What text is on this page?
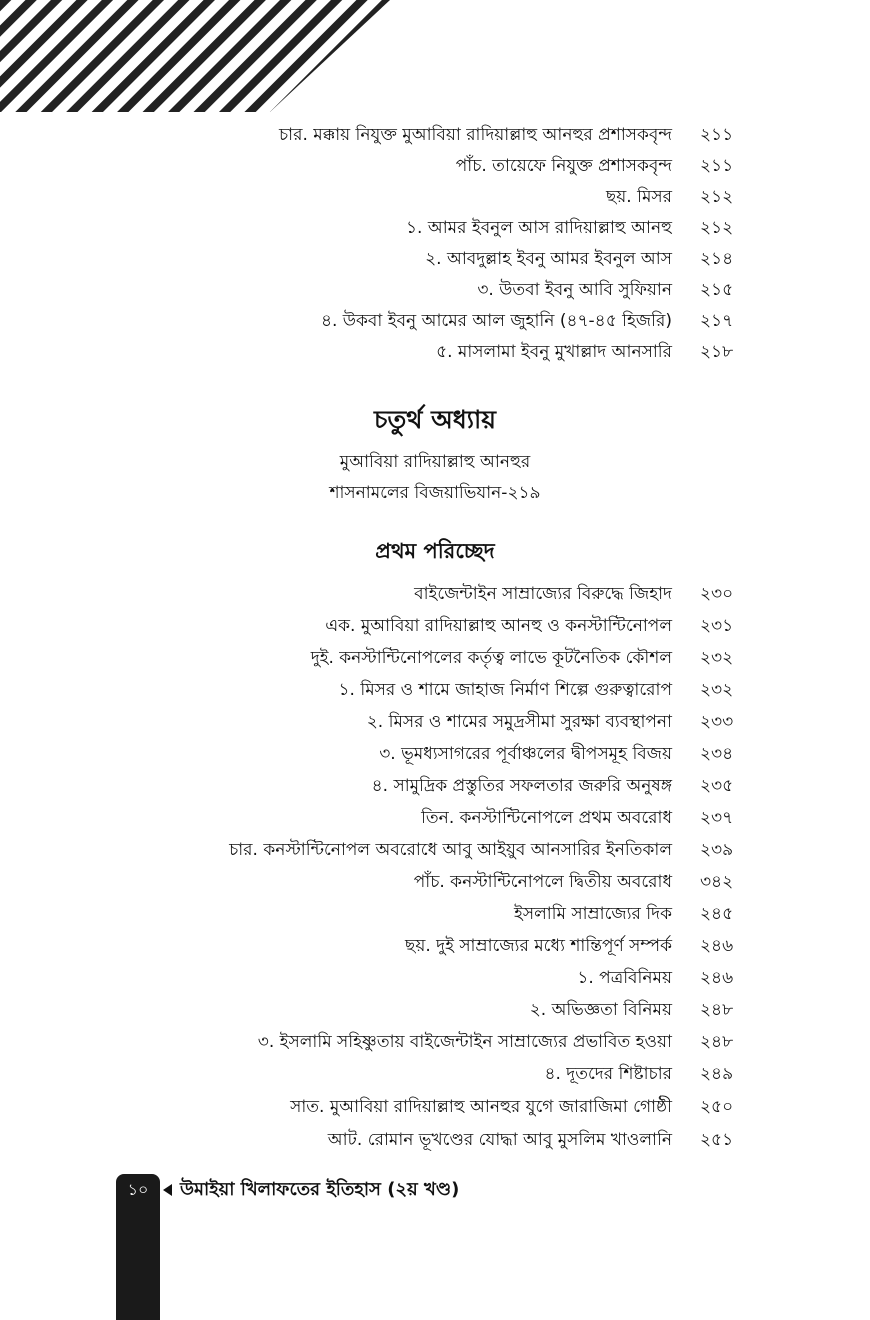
চার. মক্কায় নিযুক্ত মুআবিয়া রাদিয়াল্লাহু আনহুর প্রশাসকবৃন্দ	২১১
পাঁচ. তায়েফে নিযুক্ত প্রশাসকবৃন্দ	২১১
ছয়. মিসর	২১২
১. আমর ইবনুল আস রাদিয়াল্লাহু আনহু	২১২
২. আবদুল্লাহ ইবনু আমর ইবনুল আস	২১৪
৩. উতবা ইবনু আবি সুফিয়ান	২১৫
৪. উকবা ইবনু আমের আল জুহানি (৪৭-৪৫ হিজরি)	২১৭
৫. মাসলামা ইবনু মুখাল্লাদ আনসারি	২১৮
চতুর্থ অধ্যায়
মুআবিয়া রাদিয়াল্লাহু আনহুর
শাসনামলের বিজয়াভিযান-২১৯
প্রথম পরিচ্ছেদ
বাইজেন্টাইন সাম্রাজ্যের বিরুদ্ধে জিহাদ	২৩০
এক. মুআবিয়া রাদিয়াল্লাহু আনহু ও কনস্টান্টিনোপল	২৩১
দুই. কনস্টান্টিনোপলের কর্তৃত্ব লাভে কূটনৈতিক কৌশল	২৩২
১. মিসর ও শামে জাহাজ নির্মাণ শিল্পে গুরুত্বারোপ	২৩২
২. মিসর ও শামের সমুদ্রসীমা সুরক্ষা ব্যবস্থাপনা	২৩৩
৩. ভূমধ্যসাগরের পূর্বাঞ্চলের দ্বীপসমূহ বিজয়	২৩৪
৪. সামুদ্রিক প্রস্তুতির সফলতার জরুরি অনুষঙ্গ	২৩৫
তিন. কনস্টান্টিনোপলে প্রথম অবরোধ	২৩৭
চার. কনস্টান্টিনোপল অবরোধে আবু আইয়ুব আনসারির ইনতিকাল	২৩৯
পাঁচ. কনস্টান্টিনোপলে দ্বিতীয় অবরোধ	৩৪২
ইসলামি সাম্রাজ্যের দিক	২৪৫
ছয়. দুই সাম্রাজ্যের মধ্যে শান্তিপূর্ণ সম্পর্ক	২৪৬
১. পত্রবিনিময়	২৪৬
২. অভিজ্ঞতা বিনিময়	২৪৮
৩. ইসলামি সহিষ্ণুতায় বাইজেন্টাইন সাম্রাজ্যের প্রভাবিত হওয়া	২৪৮
৪. দূতদের শিষ্টাচার	২৪৯
সাত. মুআবিয়া রাদিয়াল্লাহু আনহুর যুগে জারাজিমা গোষ্ঠী	২৫০
আট. রোমান ভূখণ্ডের যোদ্ধা আবু মুসলিম খাওলানি	২৫১
১০	উমাইয়া খিলাফতের ইতিহাস (২য় খণ্ড)
